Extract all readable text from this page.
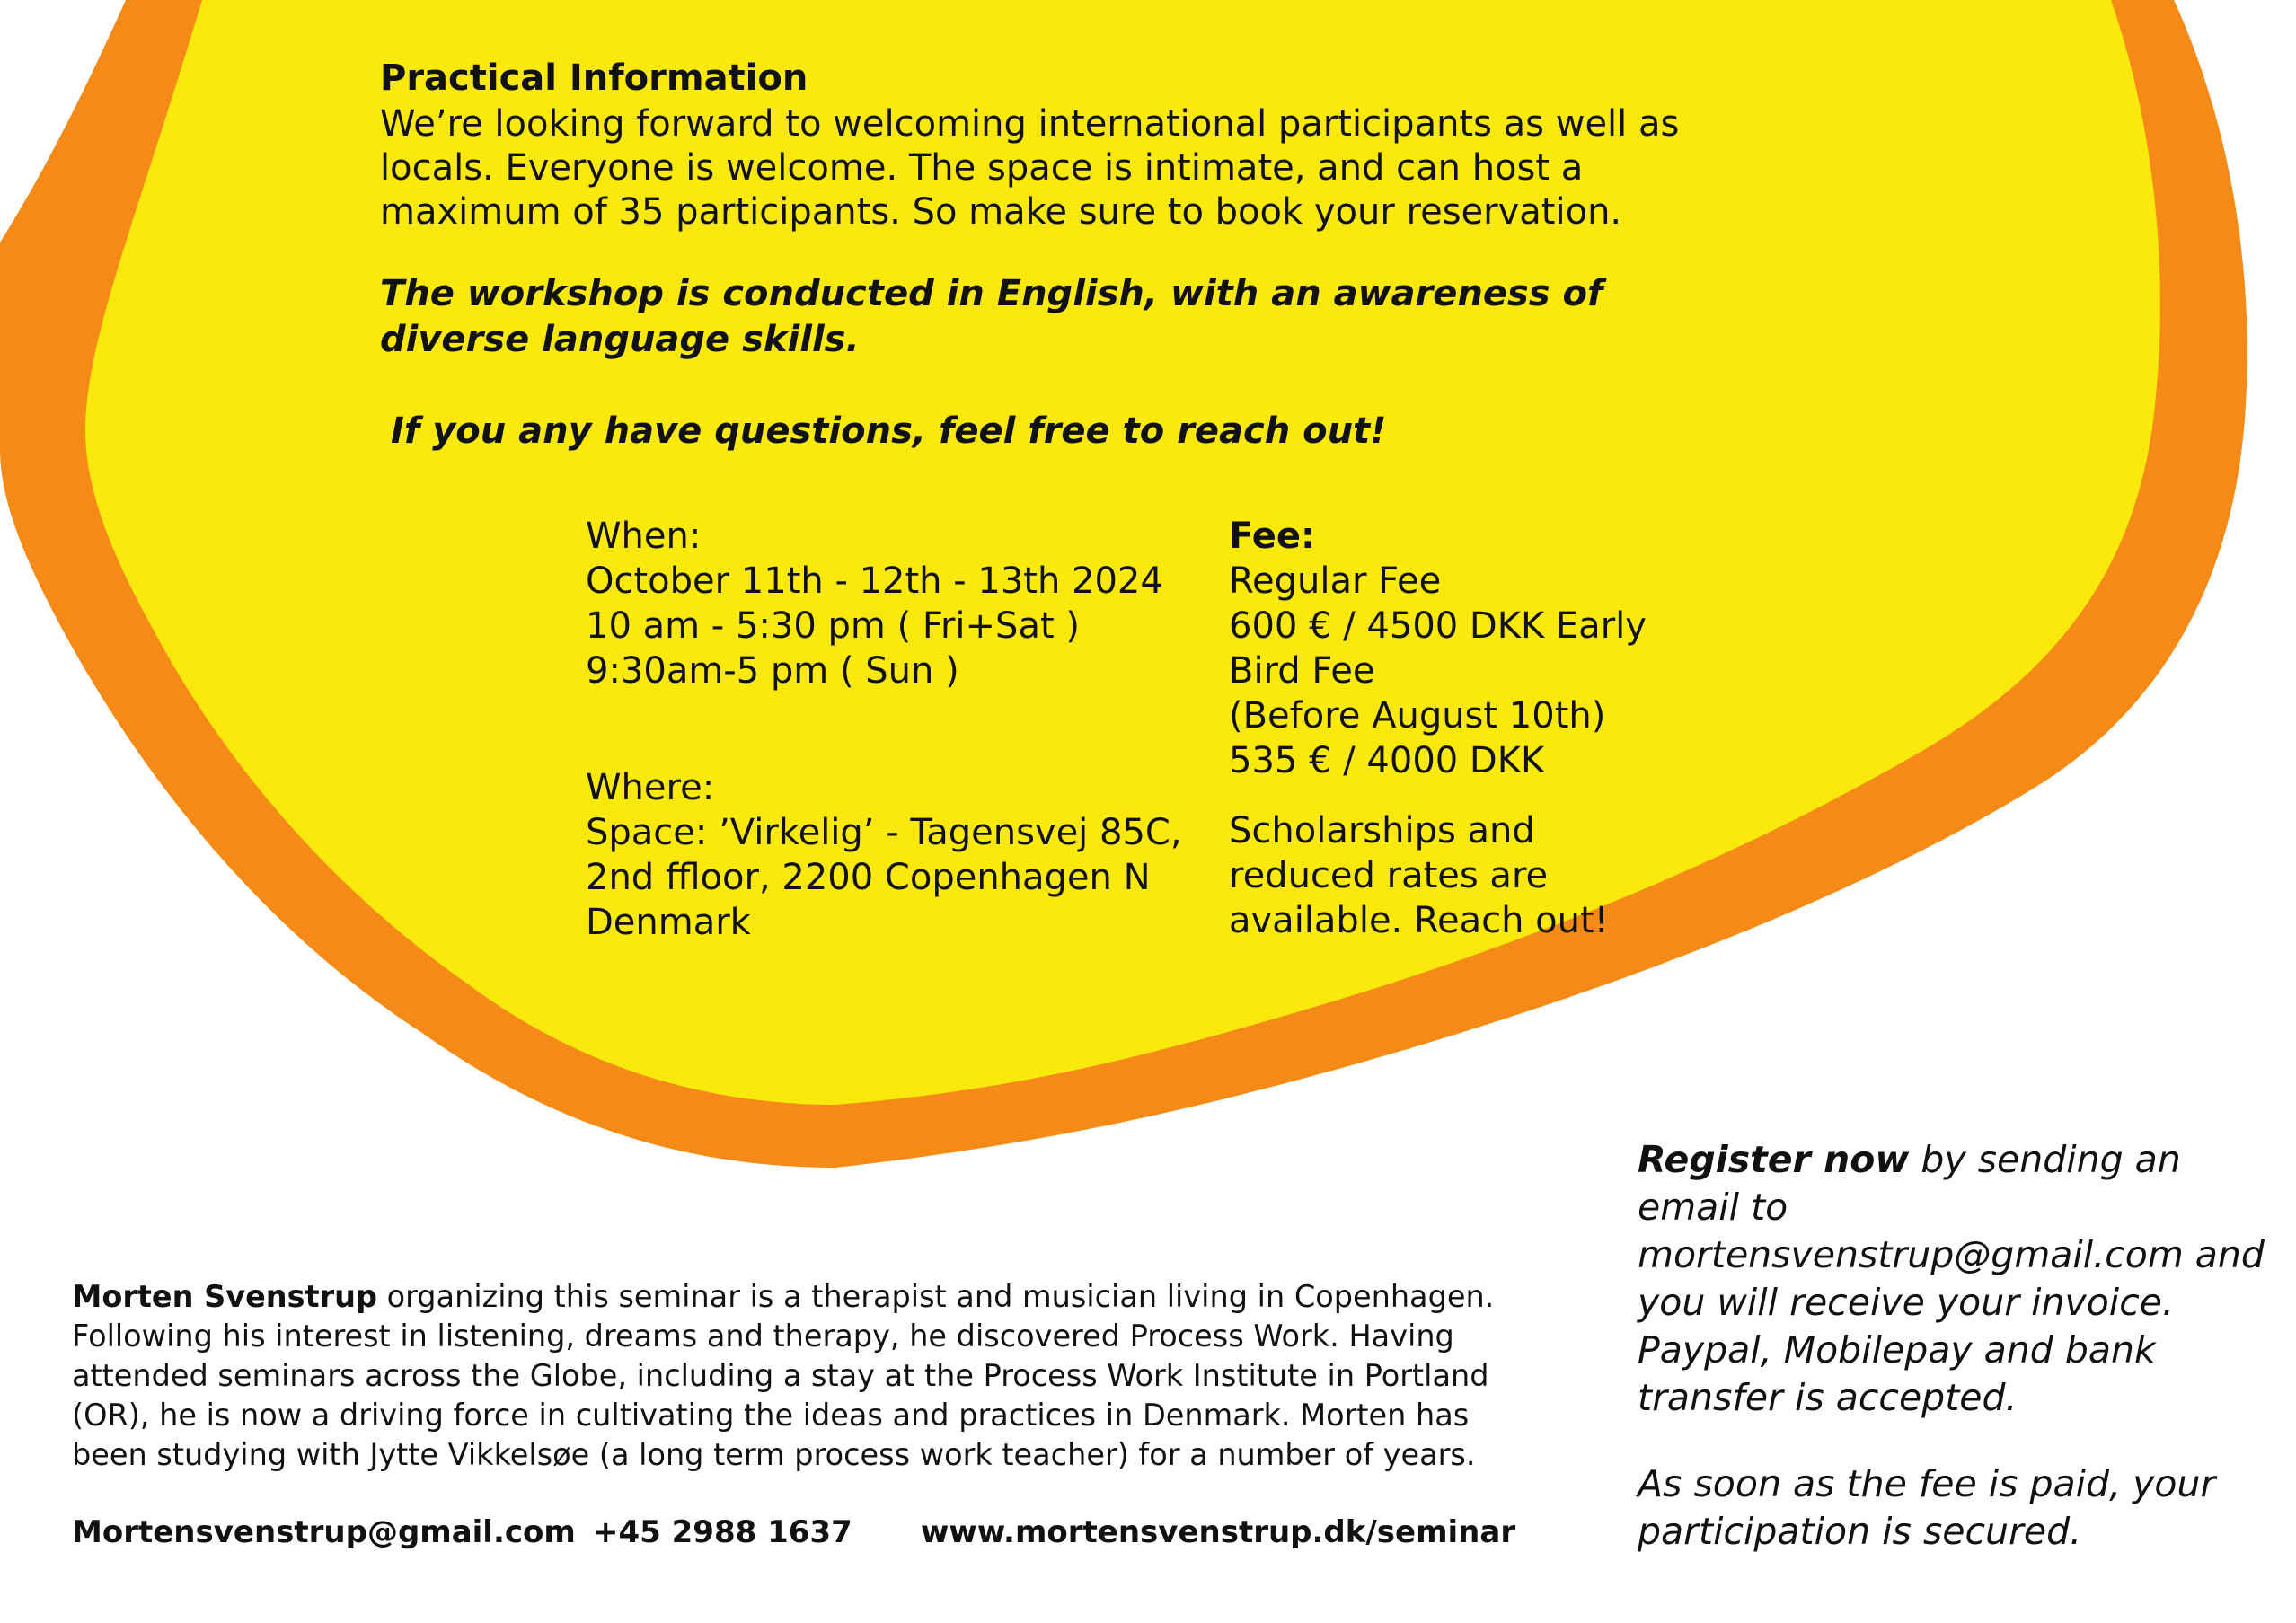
Practical Information

We’re looking forward to welcoming international participants as well as locals. Everyone is welcome. The space is intimate, and can host a maximum of 35 participants. So make sure to book your reservation.

The workshop is conducted in English, with an awareness of diverse language skills.

If you any have questions, feel free to reach out!
When:
October 11th - 12th - 13th 2024
10 am - 5:30 pm ( Fri+Sat )
9:30am-5 pm ( Sun )
Where:
Space: ’Virkelig’ - Tagensvej 85C,
2nd ffloor, 2200 Copenhagen N
Denmark
Fee:
Regular Fee
600 € / 4500 DKK Early
Bird Fee
(Before August 10th)
535 € / 4000 DKK
Scholarships and
reduced rates are
available. Reach out!

Morten Svenstrup organizing this seminar is a therapist and musician living in Copenhagen. Following his interest in listening, dreams and therapy, he discovered Process Work. Having attended seminars across the Globe, including a stay at the Process Work Institute in Portland (OR), he is now a driving force in cultivating the ideas and practices in Denmark. Morten has been studying with Jytte Vikkelsøe (a long term process work teacher) for a number of years.

Mortensvenstrup@gmail.com +45 2988 1637 www.mortensvenstrup.dk/seminar

Register now by sending an email to mortensvenstrup@gmail.com and you will receive your invoice. Paypal, Mobilepay and bank transfer is accepted.

As soon as the fee is paid, your participation is secured.
